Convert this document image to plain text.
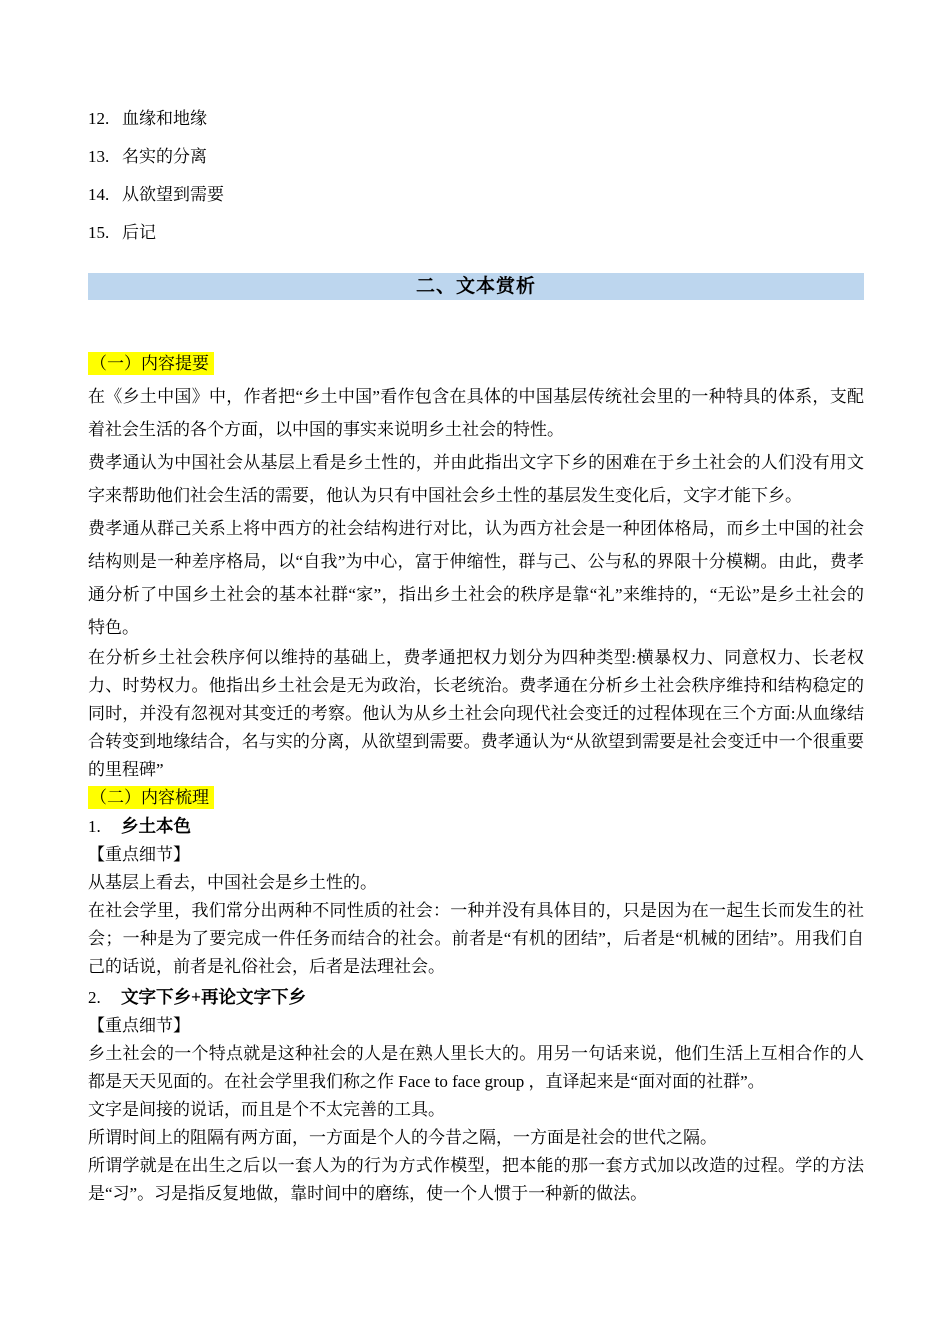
12. 血缘和地缘
13. 名实的分离
14. 从欲望到需要
15. 后记
二、文本赏析
（一）内容提要

在《乡土中国》中，作者把“乡土中国”看作包含在具体的中国基层传统社会里的一种特具的体系，支配着社会生活的各个方面，以中国的事实来说明乡土社会的特性。

费孝通认为中国社会从基层上看是乡土性的，并由此指出文字下乡的困难在于乡土社会的人们没有用文字来帮助他们社会生活的需要，他认为只有中国社会乡土性的基层发生变化后，文字才能下乡。

费孝通从群己关系上将中西方的社会结构进行对比，认为西方社会是一种团体格局，而乡土中国的社会结构则是一种差序格局，以“自我”为中心，富于伸缩性，群与己、公与私的界限十分模糊。由此，费孝通分析了中国乡土社会的基本社群“家”，指出乡土社会的秩序是靠“礼”来维持的，“无讼”是乡土社会的特色。

在分析乡土社会秩序何以维持的基础上，费孝通把权力划分为四种类型:横暴权力、同意权力、长老权力、时势权力。他指出乡土社会是无为政治，长老统治。费孝通在分析乡土社会秩序维持和结构稳定的同时，并没有忽视对其变迁的考察。他认为从乡土社会向现代社会变迁的过程体现在三个方面:从血缘结合转变到地缘结合，名与实的分离，从欲望到需要。费孝通认为“从欲望到需要是社会变迁中一个很重要的里程碑”

（二）内容梳理
1. 乡土本色
【重点细节】

从基层上看去，中国社会是乡土性的。

在社会学里，我们常分出两种不同性质的社会：一种并没有具体目的，只是因为在一起生长而发生的社会；一种是为了要完成一件任务而结合的社会。前者是“有机的团结”，后者是“机械的团结”。用我们自己的话说，前者是礼俗社会，后者是法理社会。

2. 文字下乡+再论文字下乡
【重点细节】

乡土社会的一个特点就是这种社会的人是在熟人里长大的。用另一句话来说，他们生活上互相合作的人都是天天见面的。在社会学里我们称之作 Face to face group ，直译起来是“面对面的社群”。

文字是间接的说话，而且是个不太完善的工具。

所谓时间上的阻隔有两方面，一方面是个人的今昔之隔，一方面是社会的世代之隔。

所谓学就是在出生之后以一套人为的行为方式作模型，把本能的那一套方式加以改造的过程。学的方法是“习”。习是指反复地做，靠时间中的磨练，使一个人惯于一种新的做法。
